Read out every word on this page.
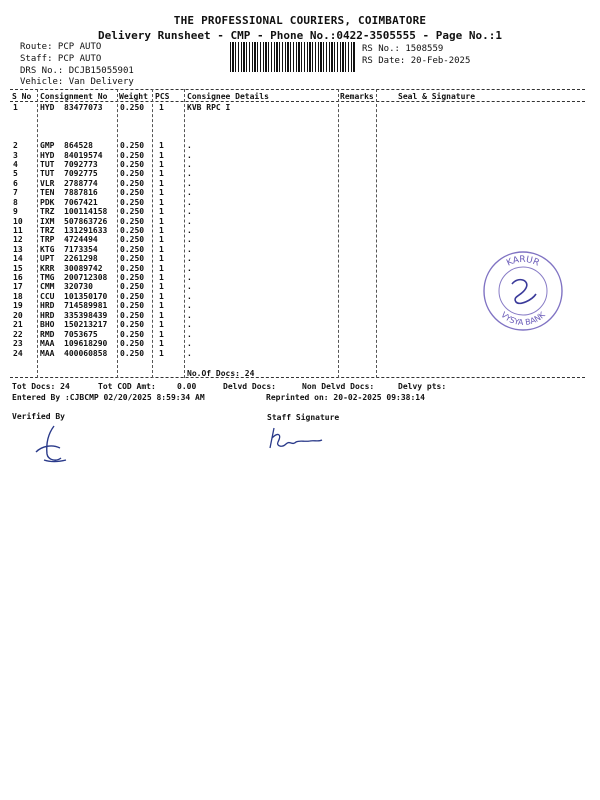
THE PROFESSIONAL COURIERS, COIMBATORE
Delivery Runsheet - CMP - Phone No.:0422-3505555 - Page No.:1
Route: PCP AUTO
Staff: PCP AUTO
DRS No.: DCJB15055901
Vehicle: Van Delivery
RS No.: 1508559
RS Date: 20-Feb-2025
S No Consignment No Weight PCS Consignee Details	Remarks	Seal & Signature
1	HYD 83477073 0.250 1	KVB RPC I
2	GMP 864528	0.250 1	.
3	HYD 84019574 0.250 1	.
4	TUT 7092773	0.250 1	.
5	TUT 7092775	0.250 1	.
6	VLR 2788774	0.250 1	.
7	TEN 7887816	0.250 1	.
8	PDK 7067421	0.250 1	.
9	TRZ 100114158 0.250 1	.
10 IXM 507863726 0.250 1	.
11 TRZ 131291633 0.250 1	.
12 TRP 4724494	0.250 1	.
13 KTG 7173354	0.250 1	.
14 UPT 2261298	0.250 1	.
15 KRR 30089742 0.250 1	.
16 TMG 200712308 0.250 1	.
17 CMM 320730	0.250 1	.
18 CCU 101350170 0.250 1	.
19 HRD 714589981 0.250 1	.
20 HRD 335398439 0.250 1	.
21 BHO 150213217 0.250 1	.
22 RMD 7053675	0.250 1	.
23 MAA 109618290 0.250 1	.
24 MAA 400060858 0.250 1	.
No.Of Docs: 24
Tot Docs: 24	Tot COD Amt:	0.00	Delvd Docs:	Non Delvd Docs:	Delvy pts:
Entered By :CJBCMP 02/20/2025 8:59:34 AM	Reprinted on: 20-02-2025 09:38:14
Verified By	Staff Signature
KARUR
VYSYA BANK
